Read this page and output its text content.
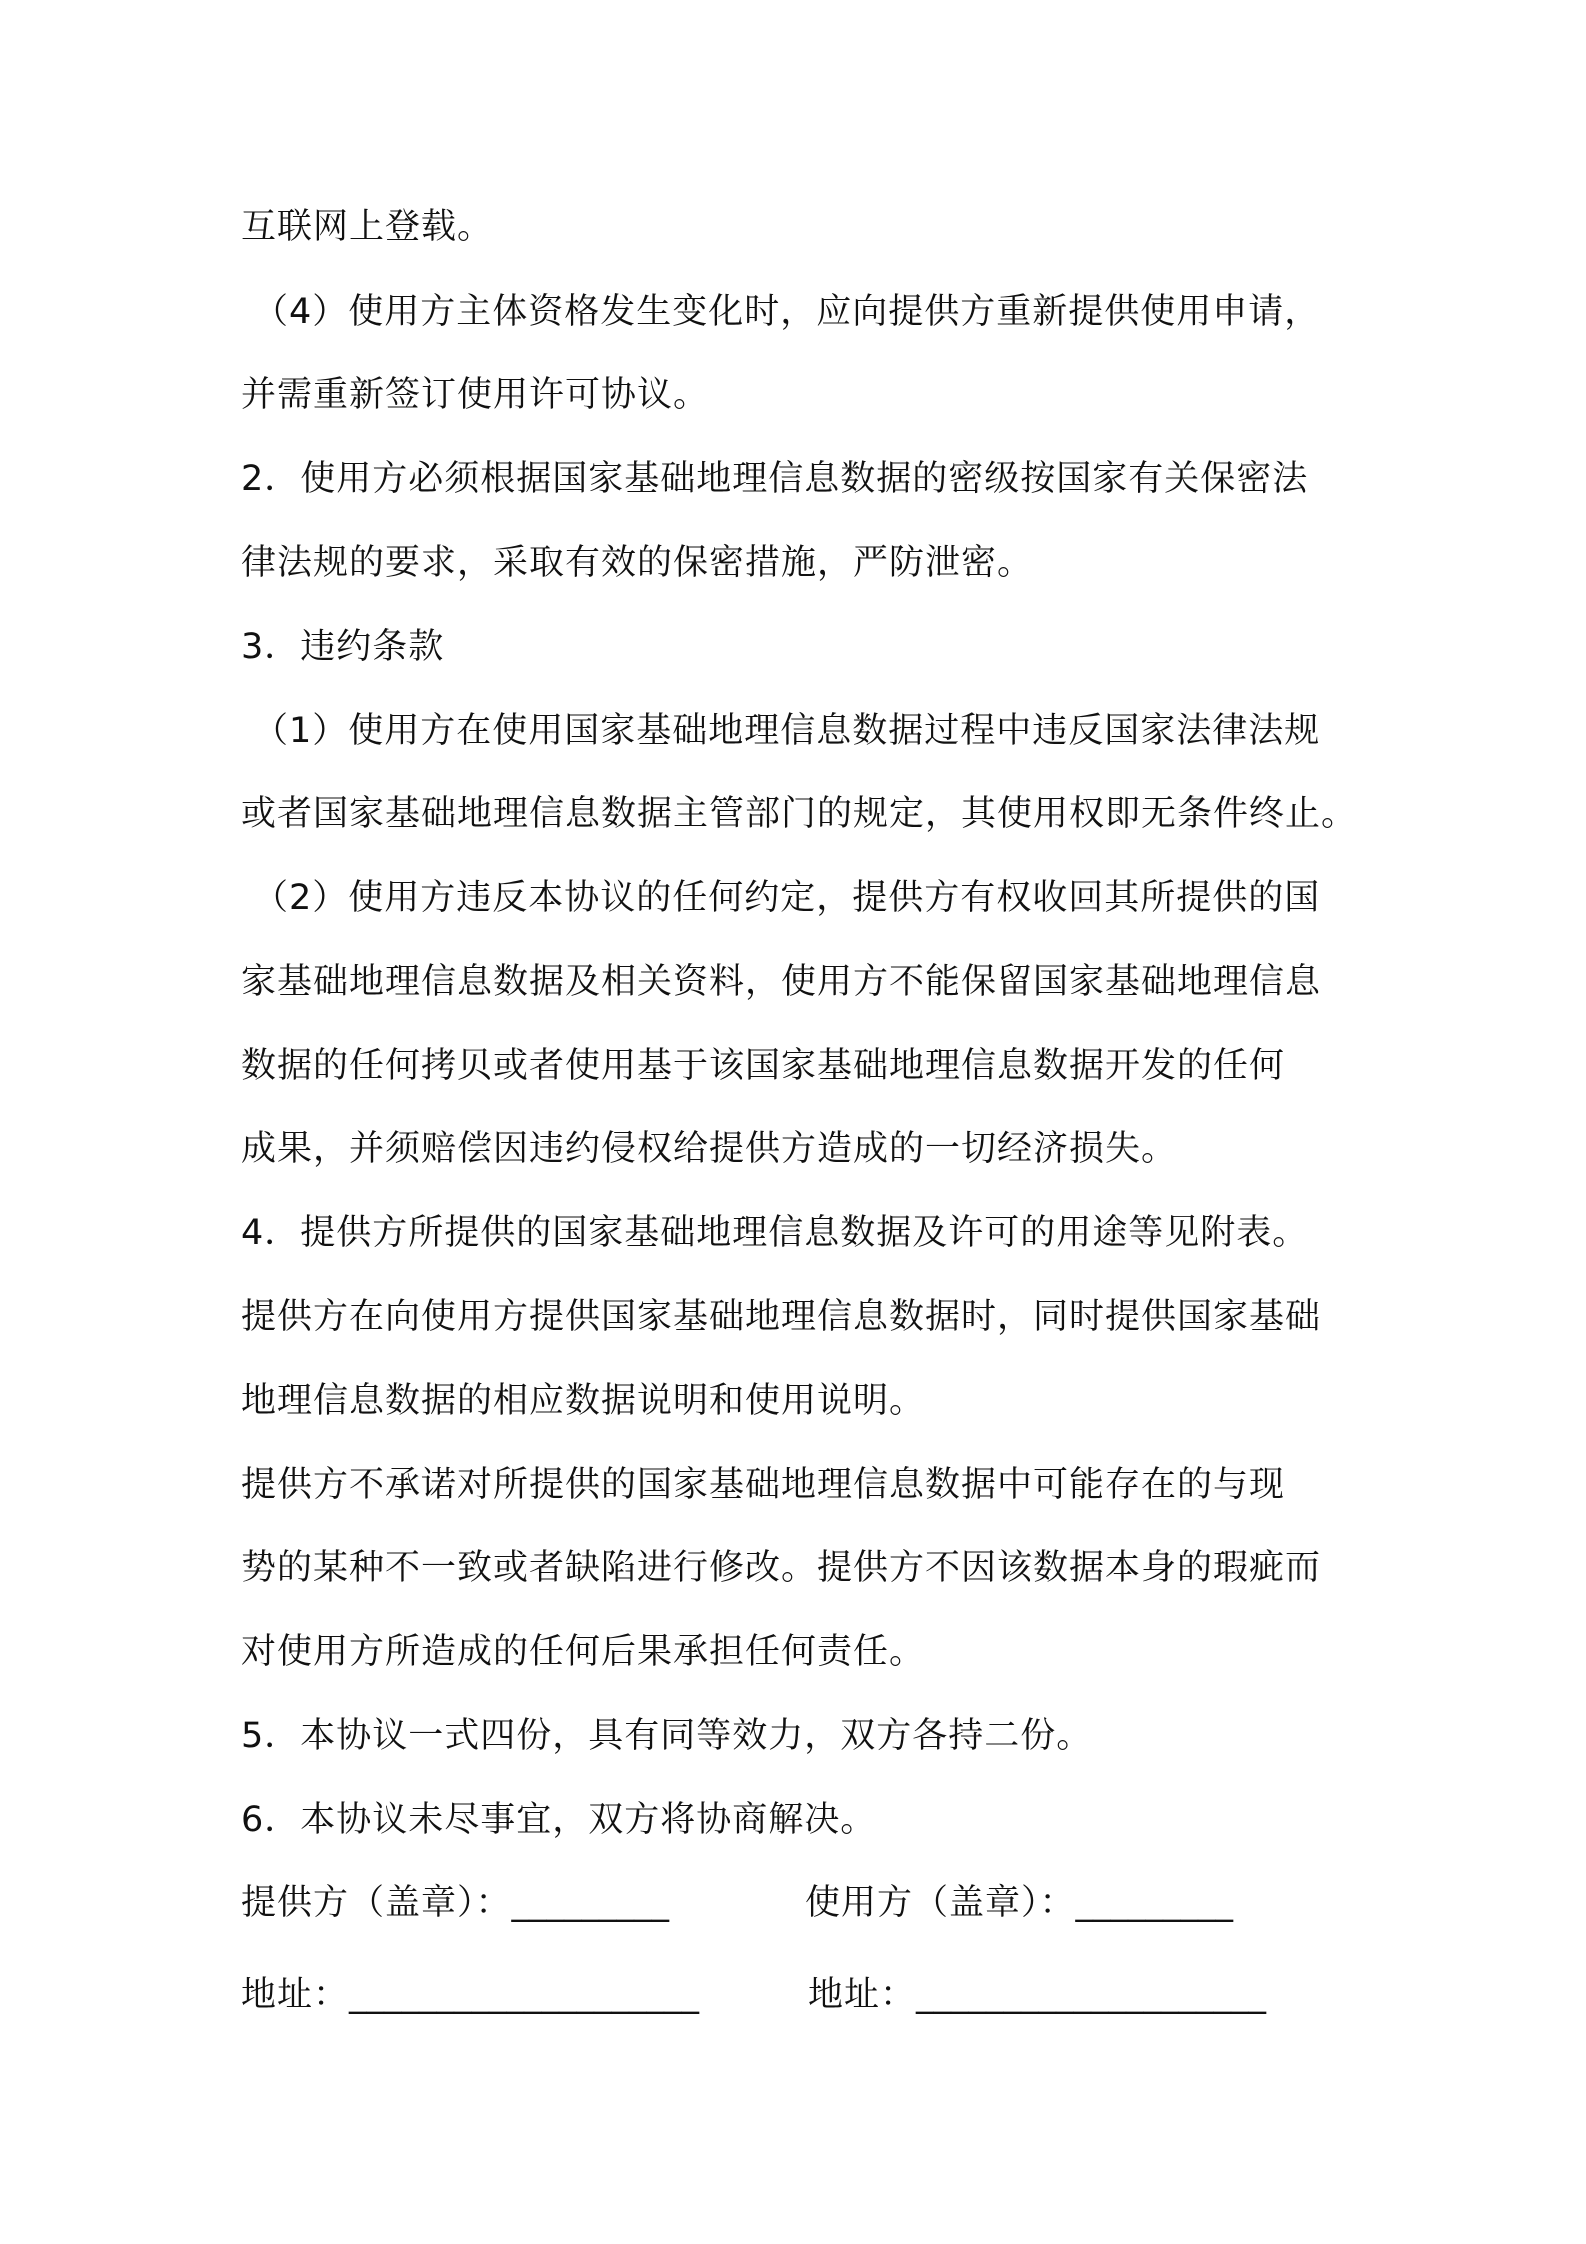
互联网上登载。
（4）使用方主体资格发生变化时，应向提供方重新提供使用申请，
并需重新签订使用许可协议。
2．使用方必须根据国家基础地理信息数据的密级按国家有关保密法
律法规的要求，采取有效的保密措施，严防泄密。
3．违约条款
（1）使用方在使用国家基础地理信息数据过程中违反国家法律法规
或者国家基础地理信息数据主管部门的规定，其使用权即无条件终止。
（2）使用方违反本协议的任何约定，提供方有权收回其所提供的国
家基础地理信息数据及相关资料，使用方不能保留国家基础地理信息
数据的任何拷贝或者使用基于该国家基础地理信息数据开发的任何
成果，并须赔偿因违约侵权给提供方造成的一切经济损失。
4．提供方所提供的国家基础地理信息数据及许可的用途等见附表。
提供方在向使用方提供国家基础地理信息数据时，同时提供国家基础
地理信息数据的相应数据说明和使用说明。
提供方不承诺对所提供的国家基础地理信息数据中可能存在的与现
势的某种不一致或者缺陷进行修改。提供方不因该数据本身的瑕疵而
对使用方所造成的任何后果承担任何责任。
5．本协议一式四份，具有同等效力，双方各持二份。
6．本协议未尽事宜，双方将协商解决。
提供方（盖章）：_________	使用方（盖章）：_________
地址：____________________	地址：____________________
